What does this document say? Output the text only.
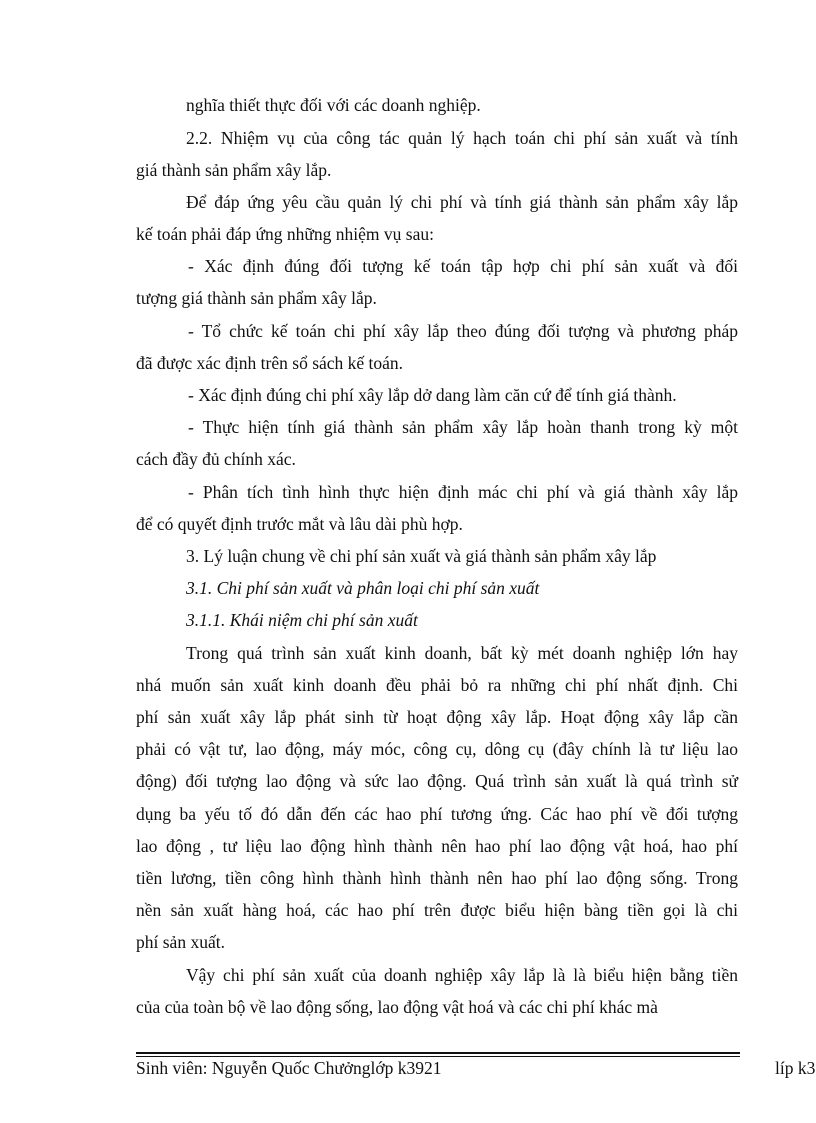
nghĩa thiết thực đối với các doanh nghiệp.
2.2. Nhiệm vụ của công tác quản lý hạch toán chi phí sản xuất và tính
giá thành sản phẩm xây lắp.
Để đáp ứng yêu cầu quản lý chi phí và tính giá thành sản phẩm xây lắp
kế toán phải đáp ứng những nhiệm vụ sau:
- Xác định đúng đối tượng kế toán tập hợp chi phí sản xuất và đối
tượng giá thành sản phẩm xây lắp.
- Tổ chức kế toán chi phí xây lắp theo đúng đối tượng và phương pháp
đã được xác định trên sổ sách kế toán.
- Xác định đúng chi phí xây lắp dở dang làm căn cứ để tính giá thành.
- Thực hiện tính giá thành sản phẩm xây lắp hoàn thanh trong kỳ một
cách đầy đủ chính xác.
- Phân tích tình hình thực hiện định mác chi phí và giá thành xây lắp
để có quyết định trước mắt và lâu dài phù hợp.
3. Lý luận chung về chi phí sản xuất và giá thành sản phẩm xây lắp
3.1. Chi phí sản xuất và phân loại chi phí sản xuất
3.1.1. Khái niệm chi phí sản xuất
Trong quá trình sản xuất kinh doanh, bất kỳ mét doanh nghiệp lớn hay
nhá muốn sản xuất kinh doanh đều phải bỏ ra những chi phí nhất định. Chi
phí sản xuất xây lắp phát sinh từ hoạt động xây lắp. Hoạt động xây lắp cần
phải có vật tư, lao động, máy móc, công cụ, dông cụ (đây chính là tư liệu lao
động) đối tượng lao động và sức lao động. Quá trình sản xuất là quá trình sử
dụng ba yếu tố đó dẫn đến các hao phí tương ứng. Các hao phí về đối tượng
lao động , tư liệu lao động hình thành nên hao phí lao động vật hoá, hao phí
tiền lương, tiền công hình thành hình thành nên hao phí lao động sống. Trong
nền sản xuất hàng hoá, các hao phí trên được biểu hiện bàng tiền gọi là chi
phí sản xuất.
Vậy chi phí sản xuất của doanh nghiệp xây lắp là là biểu hiện bằng tiền
của của toàn bộ về lao động sống, lao động vật hoá và các chi phí khác mà
Sinh viên: Nguyễn Quốc Chưởnglớp k3921	líp k3
